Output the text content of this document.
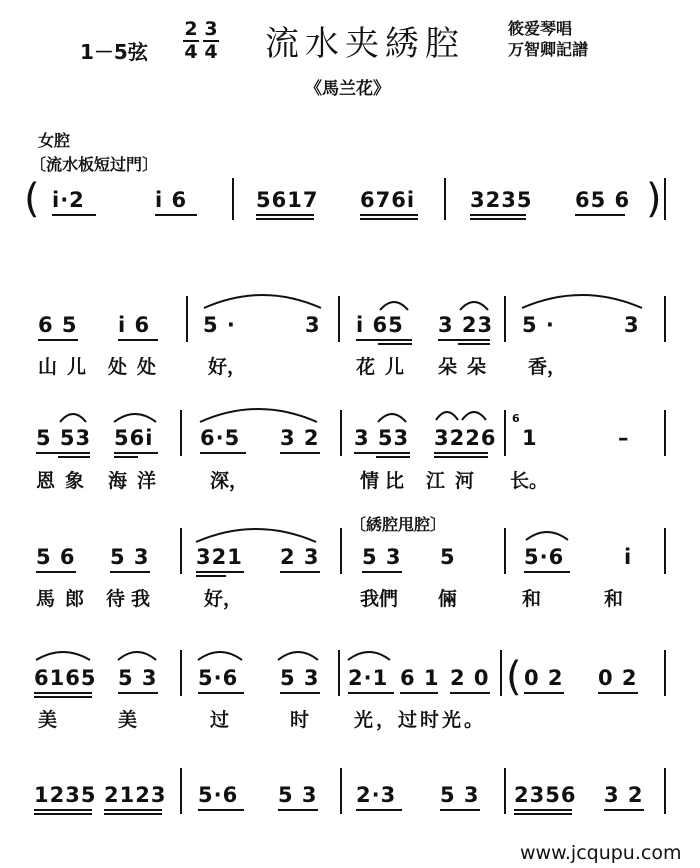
1－5弦 $\frac{2}{4} \frac{3}{4}$ 流水夹綉腔	筱爱琴唱
万智卿記譜
《馬兰花》
女腔
〔流水板短过門〕
〔綉腔甩腔〕
( i·2	i 6	5617 676i	3235 65 6 )
6 5 i 6	5 ·	3 i 65 3 23 5 ·	3
山儿 处处 好，	花儿 朵朵 香，
5 53 56i 6·5 3 2 3 53 3226
6
1	–
恩象 海洋 深，	情比 江河 长。
5 6 5 3 321 2 3 5 3 5	5·6	i
馬郎 待我	好，	我們 倆	和	和
6165 5 3 5·6 5 3 2·1 6 1 2 0 ( 0 2 0 2
美	美	过	时 光，过时光。
1235 2123 5·6 5 3 2·3 5 3 2356 3 2
www.jcqupu.com
